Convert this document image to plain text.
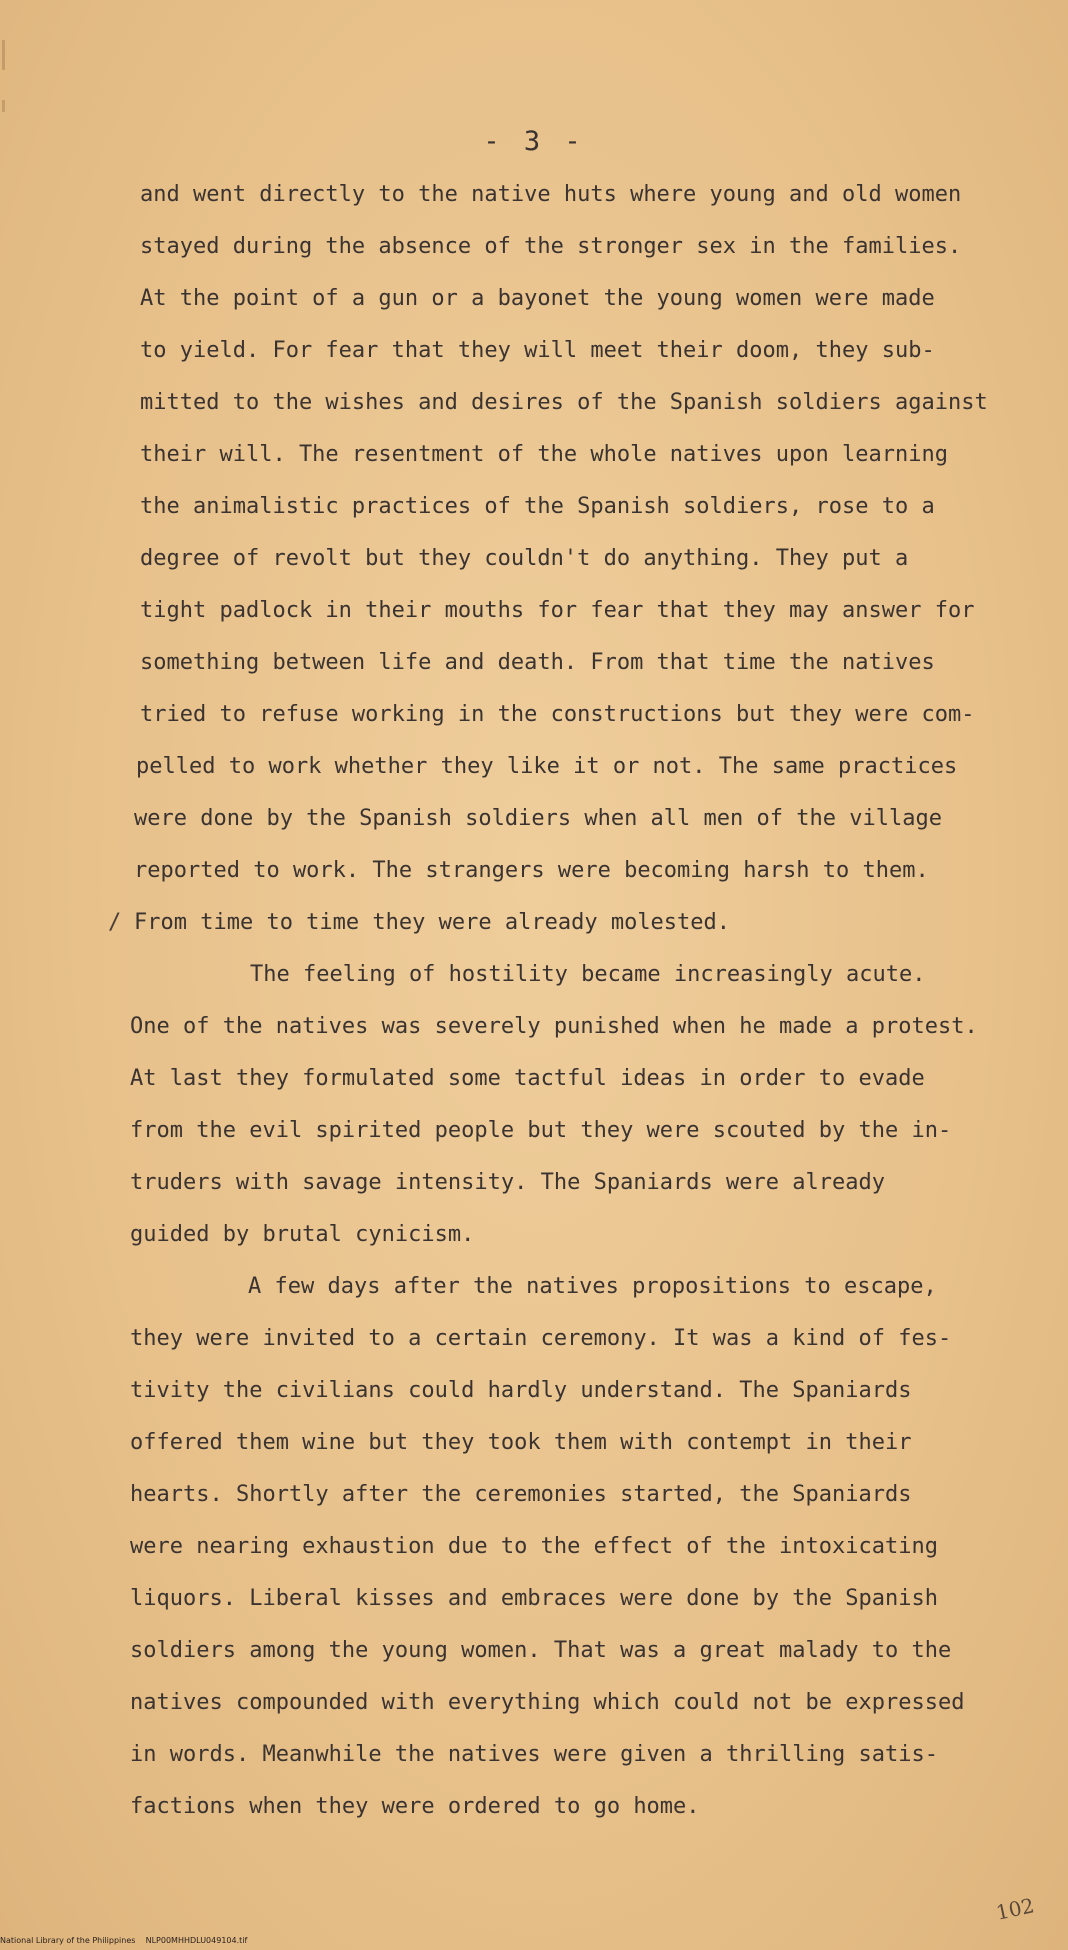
- 3 -
and went directly to the native huts where young and old women
stayed during the absence of the stronger sex in the families.
At the point of a gun or a bayonet the young women were made
to yield. For fear that they will meet their doom, they sub-
mitted to the wishes and desires of the Spanish soldiers against
their will. The resentment of the whole natives upon learning
the animalistic practices of the Spanish soldiers, rose to a
degree of revolt but they couldn't do anything. They put a
tight padlock in their mouths for fear that they may answer for
something between life and death. From that time the natives
tried to refuse working in the constructions but they were com-
pelled to work whether they like it or not. The same practices
were done by the Spanish soldiers when all men of the village
reported to work. The strangers were becoming harsh to them.
/ From time to time they were already molested.
The feeling of hostility became increasingly acute.
One of the natives was severely punished when he made a protest.
At last they formulated some tactful ideas in order to evade
from the evil spirited people but they were scouted by the in-
truders with savage intensity. The Spaniards were already
guided by brutal cynicism.
A few days after the natives propositions to escape,
they were invited to a certain ceremony. It was a kind of fes-
tivity the civilians could hardly understand. The Spaniards
offered them wine but they took them with contempt in their
hearts. Shortly after the ceremonies started, the Spaniards
were nearing exhaustion due to the effect of the intoxicating
liquors. Liberal kisses and embraces were done by the Spanish
soldiers among the young women. That was a great malady to the
natives compounded with everything which could not be expressed
in words. Meanwhile the natives were given a thrilling satis-
factions when they were ordered to go home.
102
National Library of the Philippines    NLP00MHHDLU049104.tif
